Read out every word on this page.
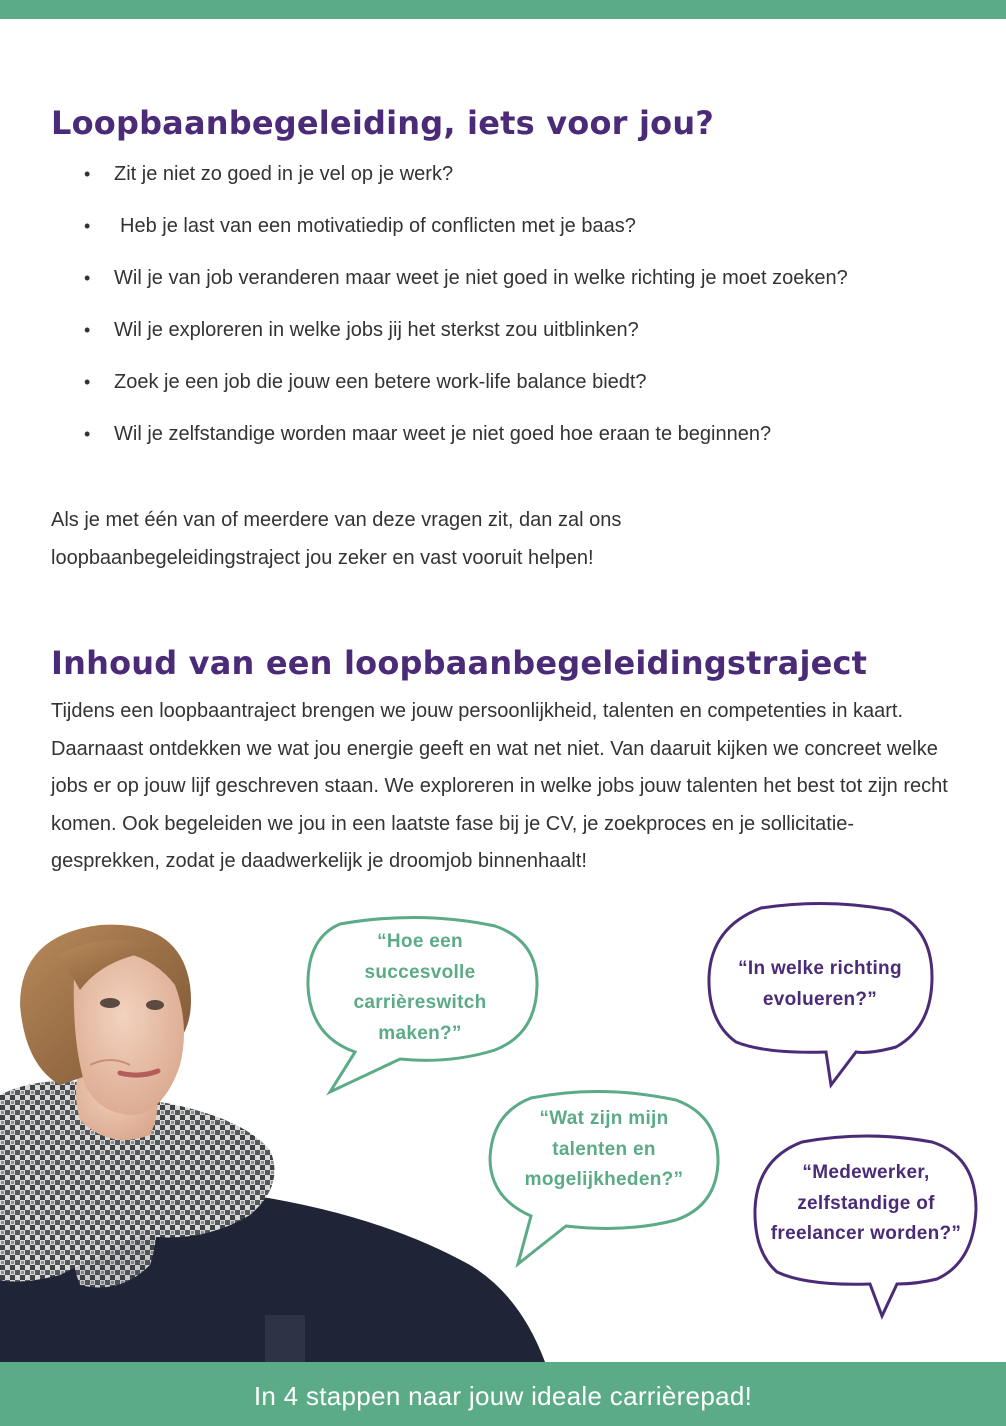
Loopbaanbegeleiding, iets voor jou?
• Zit je niet zo goed in je vel op je werk?
• Heb je last van een motivatiedip of conflicten met je baas?
• Wil je van job veranderen maar weet je niet goed in welke richting je moet zoeken?
• Wil je exploreren in welke jobs jij het sterkst zou uitblinken?
• Zoek je een job die jouw een betere work-life balance biedt?
• Wil je zelfstandige worden maar weet je niet goed hoe eraan te beginnen?

Als je met één van of meerdere van deze vragen zit, dan zal ons loopbaanbegeleidingstraject jou zeker en vast vooruit helpen!

Inhoud van een loopbaanbegeleidingstraject

Tijdens een loopbaantraject brengen we jouw persoonlijkheid, talenten en competenties in kaart. Daarnaast ontdekken we wat jou energie geeft en wat net niet. Van daaruit kijken we concreet welke jobs er op jouw lijf geschreven staan. We exploreren in welke jobs jouw talenten het best tot zijn recht komen. Ook begeleiden we jou in een laatste fase bij je CV, je zoekproces en je sollicitatie-gesprekken, zodat je daadwerkelijk je droomjob binnenhaalt!

“Hoe een
succesvolle
carrièreswitch
maken?”
“In welke richting
evolueren?”
“Wat zijn mijn
talenten en
mogelijkheden?”	“Medewerker,
zelfstandige of
freelancer worden?”
In 4 stappen naar jouw ideale carrièrepad!
